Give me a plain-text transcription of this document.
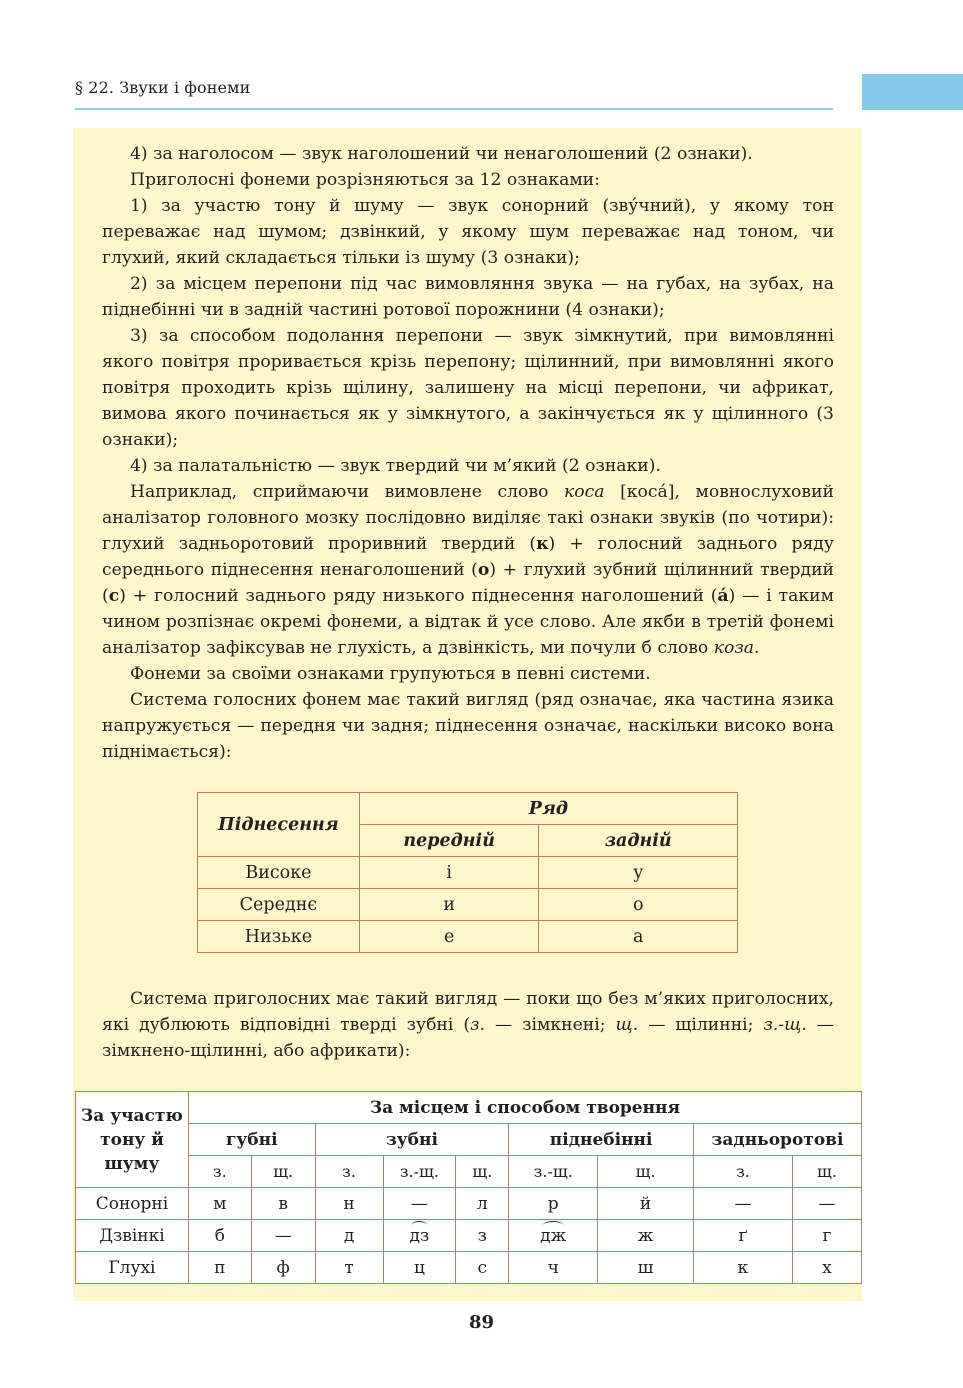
§ 22. Звуки і фонеми

4) за наголосом — звук наголошений чи ненаголошений (2 ознаки).

Приголосні фонеми розрізняються за 12 ознаками:

1) за участю тону й шуму — звук сонорний (зву́чний), у якому тон переважає над шумом; дзвінкий, у якому шум переважає над тоном, чи глухий, який складається тільки із шуму (3 ознаки);

2) за місцем перепони під час вимовляння звука — на губах, на зубах, на піднебінні чи в задній частині ротової порожнини (4 ознаки);

3) за способом подолання перепони — звук зімкнутий, при вимовлянні якого повітря проривається крізь перепону; щілинний, при вимовлянні якого повітря проходить крізь щілину, залишену на місці перепони, чи африкат, вимова якого починається як у зімкнутого, а закінчується як у щілинного (3 ознаки);

4) за палатальністю — звук твердий чи м’який (2 ознаки).

Наприклад, сприймаючи вимовлене слово коса [коса́], мовнослуховий аналізатор головного мозку послідовно виділяє такі ознаки звуків (по чотири): глухий задньоротовий проривний твердий (к) + голосний заднього ряду середнього піднесення ненаголошений (о) + глухий зубний щілинний твердий (с) + голосний заднього ряду низького піднесення наголошений (а́) — і таким чином розпізнає окремі фонеми, а відтак й усе слово. Але якби в третій фонемі аналізатор зафіксував не глухість, а дзвінкість, ми почули б слово коза.

Фонеми за своїми ознаками групуються в певні системи.

Система голосних фонем має такий вигляд (ряд означає, яка частина язика напружується — передня чи задня; піднесення означає, наскільки високо вона піднімається):

Піднесення	Ряд	
	передній	задній
Високе	і	у
Середнє	и	о
Низьке	е	а

Система приголосних має такий вигляд — поки що без м’яких приголосних, які дублюють відповідні тверді зубні (з. — зімкнені; щ. — щілинні; з.-щ. — зімкнено-щілинні, або африкати):

За участю тону й шуму	За місцем і способом творення								
	губні		зубні			піднебінні		задньоротові	
	з.	щ.	з.	з.-щ.	щ.	з.-щ.	щ.	з.	щ.
Сонорні	м	в	н	—	л	р	й	—	—
Дзвінкі	б	—	д	дз	з	дж	ж	ґ	г
Глухі	п	ф	т	ц	с	ч	ш	к	х
89
